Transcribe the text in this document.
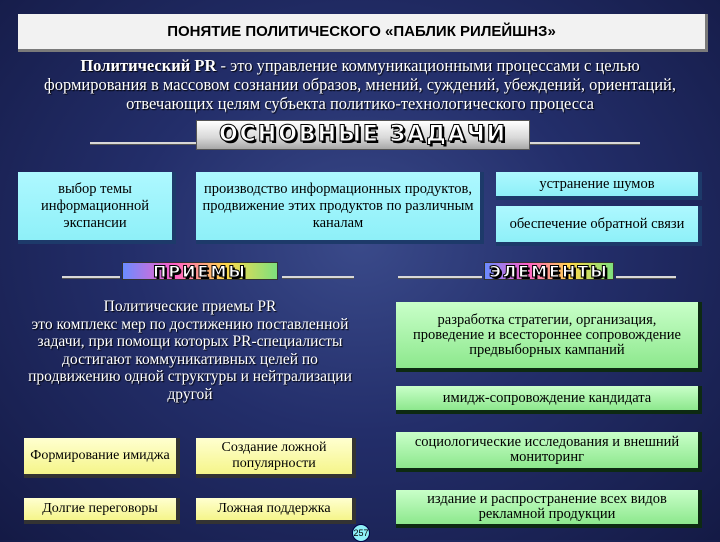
ПОНЯТИЕ ПОЛИТИЧЕСКОГО «ПАБЛИК РИЛЕЙШНЗ»
Политический PR - это управление коммуникационными процессами с целью формирования в массовом сознании образов, мнений, суждений, убеждений, ориентаций, отвечающих целям субъекта политико-технологического процесса
ОСНОВНЫЕ ЗАДАЧИ
выбор темы информационной экспансии
производство информационных продуктов, продвижение этих продуктов по различным каналам
устранение шумов
обеспечение обратной связи
ПРИЕМЫ	ЭЛЕМЕНТЫ
Политические приемы PR
это комплекс мер по достижению поставленной задачи, при помощи которых PR-специалисты достигают коммуникативных целей по продвижению одной структуры и нейтрализации другой
Формирование имиджа
Создание ложной популярности
Долгие переговоры	Ложная поддержка
разработка стратегии, организация, проведение и всестороннее сопровождение предвыборных кампаний
имидж-сопровождение кандидата
социологические исследования и внешний мониторинг
издание и распространение всех видов рекламной продукции
257
